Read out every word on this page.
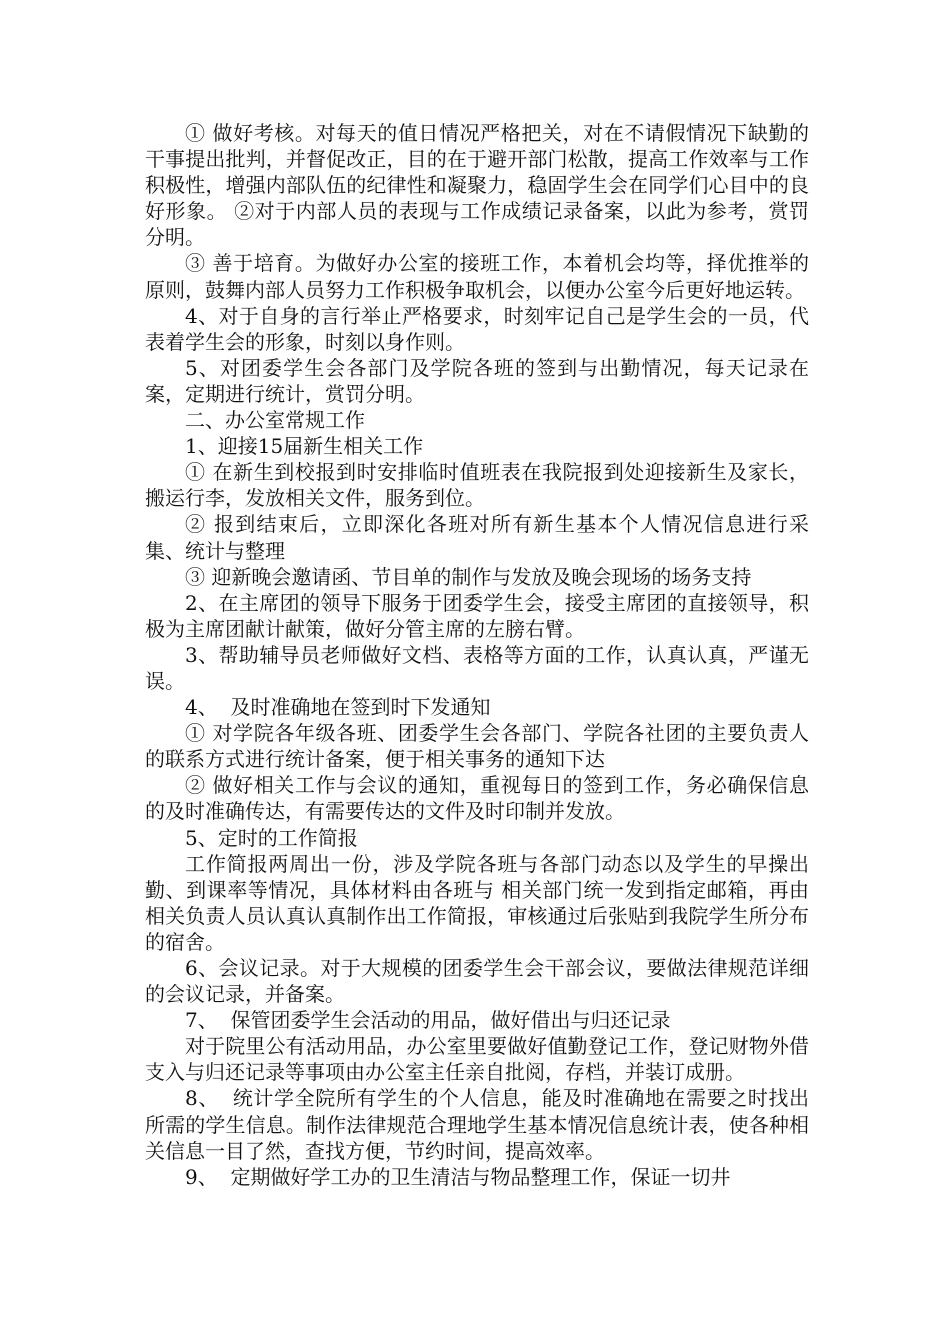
① 做好考核。对每天的值日情况严格把关，对在不请假情况下缺勤的干事提出批判，并督促改正，目的在于避开部门松散，提高工作效率与工作积极性，增强内部队伍的纪律性和凝聚力，稳固学生会在同学们心目中的良好形象。 ②对于内部人员的表现与工作成绩记录备案，以此为参考，赏罚分明。

③ 善于培育。为做好办公室的接班工作，本着机会均等，择优推举的原则，鼓舞内部人员努力工作积极争取机会，以便办公室今后更好地运转。

4、对于自身的言行举止严格要求，时刻牢记自己是学生会的一员，代表着学生会的形象，时刻以身作则。

5、对团委学生会各部门及学院各班的签到与出勤情况，每天记录在案，定期进行统计，赏罚分明。

二、办公室常规工作

1、迎接15届新生相关工作

① 在新生到校报到时安排临时值班表在我院报到处迎接新生及家长，搬运行李，发放相关文件，服务到位。

② 报到结束后，立即深化各班对所有新生基本个人情况信息进行采集、统计与整理

③ 迎新晚会邀请函、节目单的制作与发放及晚会现场的场务支持

2、在主席团的领导下服务于团委学生会，接受主席团的直接领导，积极为主席团献计献策，做好分管主席的左膀右臂。

3、帮助辅导员老师做好文档、表格等方面的工作，认真认真，严谨无误。

4、  及时准确地在签到时下发通知

① 对学院各年级各班、团委学生会各部门、学院各社团的主要负责人的联系方式进行统计备案，便于相关事务的通知下达

② 做好相关工作与会议的通知，重视每日的签到工作，务必确保信息的及时准确传达，有需要传达的文件及时印制并发放。

5、定时的工作简报

工作简报两周出一份，涉及学院各班与各部门动态以及学生的早操出勤、到课率等情况，具体材料由各班与 相关部门统一发到指定邮箱，再由相关负责人员认真认真制作出工作简报，审核通过后张贴到我院学生所分布的宿舍。

6、会议记录。对于大规模的团委学生会干部会议，要做法律规范详细的会议记录，并备案。

7、  保管团委学生会活动的用品，做好借出与归还记录

对于院里公有活动用品，办公室里要做好值勤登记工作，登记财物外借支入与归还记录等事项由办公室主任亲自批阅，存档，并装订成册。

8、  统计学全院所有学生的个人信息，能及时准确地在需要之时找出所需的学生信息。制作法律规范合理地学生基本情况信息统计表，使各种相关信息一目了然，查找方便，节约时间，提高效率。

9、  定期做好学工办的卫生清洁与物品整理工作，保证一切井
